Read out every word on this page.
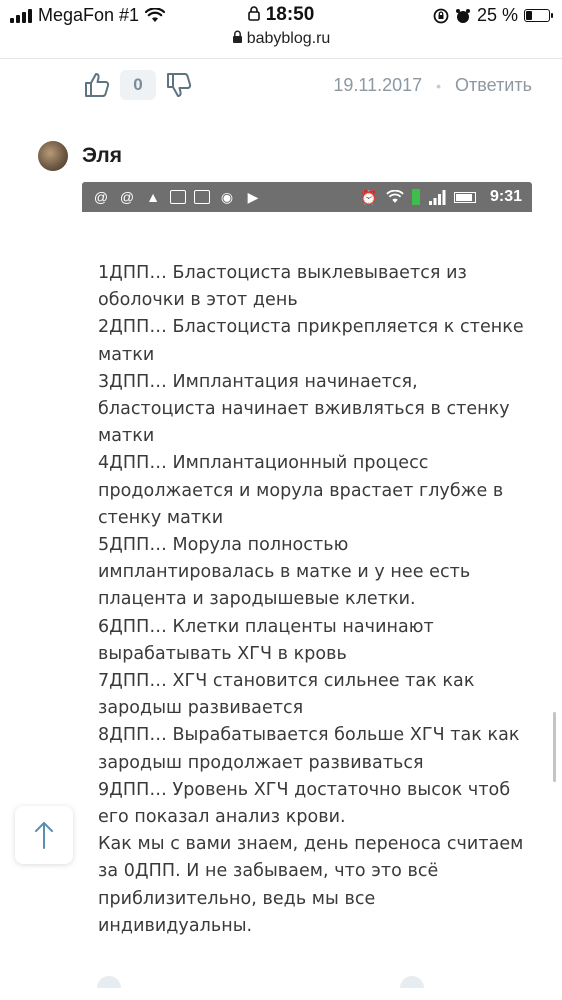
MegaFon #1	18:50	25 %
babyblog.ru
0	19.11.2017 • Ответить
Эля
@ @ ▲	◉ ▶	⏰	9:31
1ДПП… Бластоциста выклевывается из
оболочки в этот день
2ДПП… Бластоциста прикрепляется к стенке
матки
3ДПП… Имплантация начинается,
бластоциста начинает вживляться в стенку
матки
4ДПП… Имплантационный процесс
продолжается и морула врастает глубже в
стенку матки
5ДПП… Морула полностью
имплантировалась в матке и у нее есть
плацента и зародышевые клетки.
6ДПП… Клетки плаценты начинают
вырабатывать ХГЧ в кровь
7ДПП… ХГЧ становится сильнее так как
зародыш развивается
8ДПП… Вырабатывается больше ХГЧ так как
зародыш продолжает развиваться
9ДПП… Уровень ХГЧ достаточно высок чтоб
его показал анализ крови.
Как мы с вами знаем, день переноса считаем
за 0ДПП. И не забываем, что это всё
приблизительно, ведь мы все
индивидуальны.
